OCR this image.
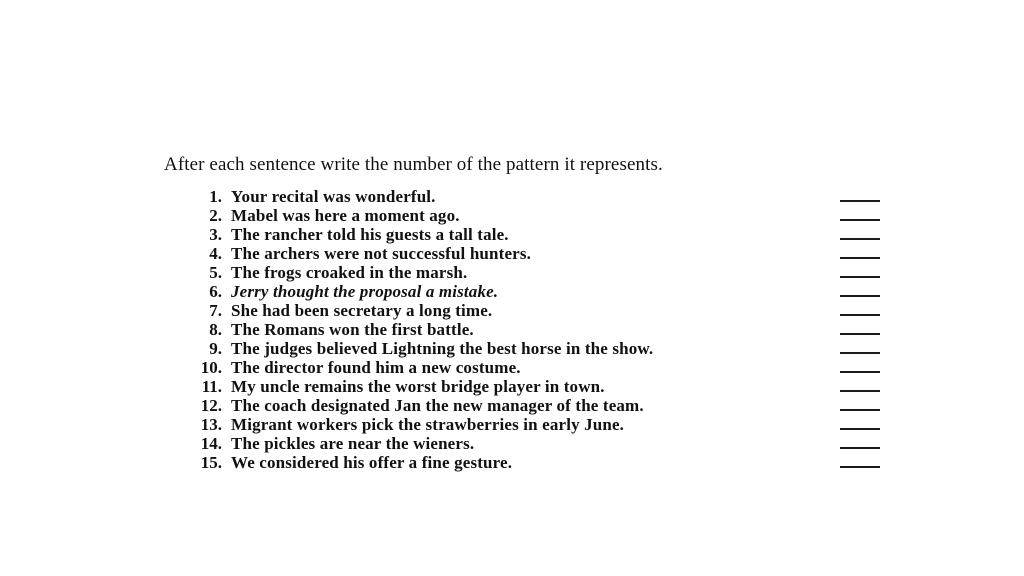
After each sentence write the number of the pattern it represents.
1. Your recital was wonderful.
2. Mabel was here a moment ago.
3. The rancher told his guests a tall tale.
4. The archers were not successful hunters.
5. The frogs croaked in the marsh.
6. Jerry thought the proposal a mistake.
7. She had been secretary a long time.
8. The Romans won the first battle.
9. The judges believed Lightning the best horse in the show.
10. The director found him a new costume.
11. My uncle remains the worst bridge player in town.
12. The coach designated Jan the new manager of the team.
13. Migrant workers pick the strawberries in early June.
14. The pickles are near the wieners.
15. We considered his offer a fine gesture.
